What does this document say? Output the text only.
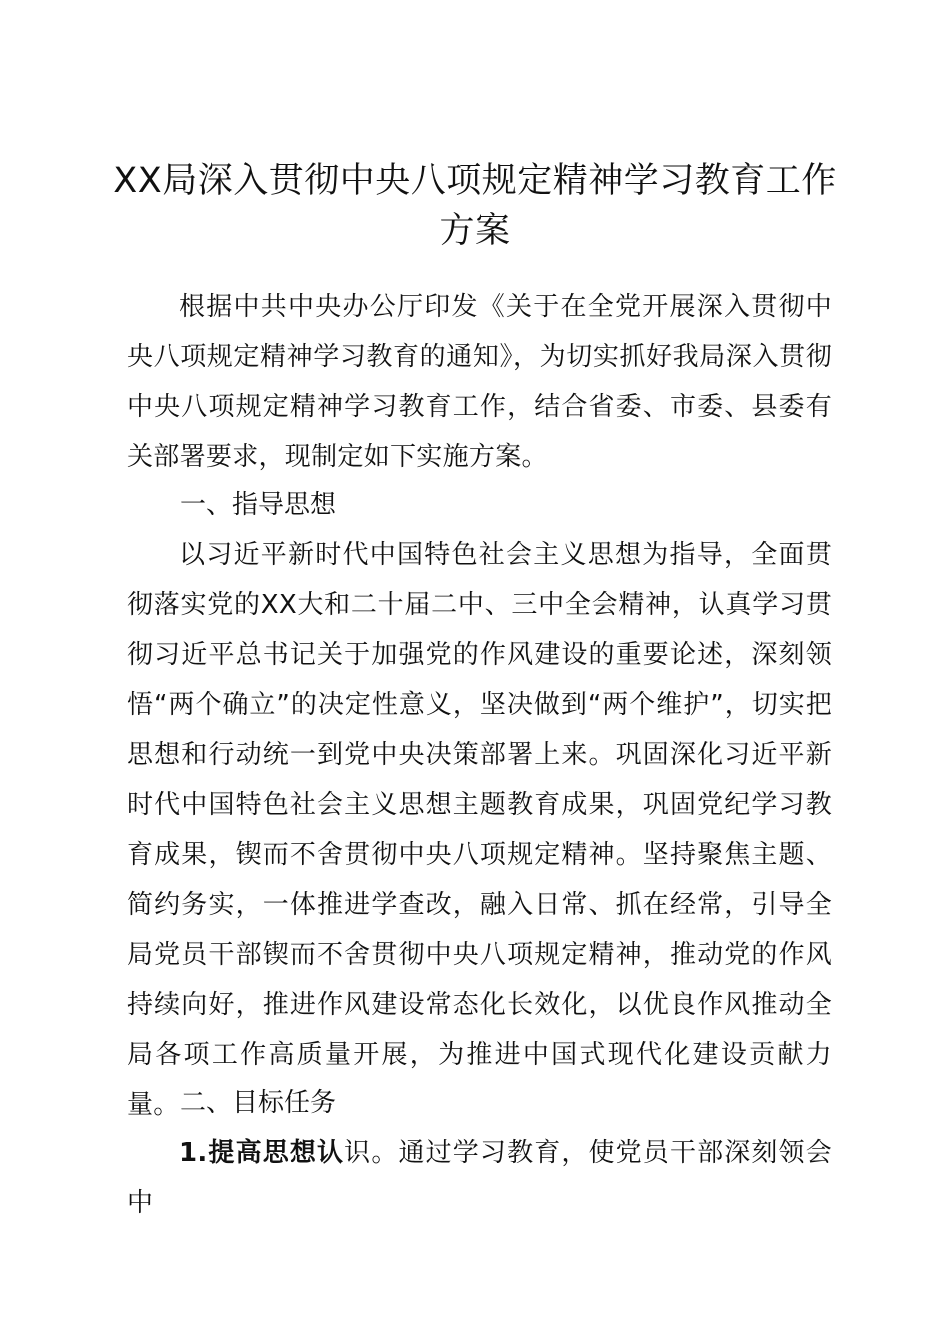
XX局深入贯彻中央八项规定精神学习教育工作方案

根据中共中央办公厅印发《关于在全党开展深入贯彻中央八项规定精神学习教育的通知》，为切实抓好我局深入贯彻中央八项规定精神学习教育工作，结合省委、市委、县委有关部署要求，现制定如下实施方案。

一、指导思想

以习近平新时代中国特色社会主义思想为指导，全面贯彻落实党的XX大和二十届二中、三中全会精神，认真学习贯彻习近平总书记关于加强党的作风建设的重要论述，深刻领悟“两个确立”的决定性意义，坚决做到“两个维护”，切实把思想和行动统一到党中央决策部署上来。巩固深化习近平新时代中国特色社会主义思想主题教育成果，巩固党纪学习教育成果，锲而不舍贯彻中央八项规定精神。坚持聚焦主题、简约务实，一体推进学查改，融入日常、抓在经常，引导全局党员干部锲而不舍贯彻中央八项规定精神，推动党的作风持续向好，推进作风建设常态化长效化，以优良作风推动全局各项工作高质量开展，为推进中国式现代化建设贡献力量。 二、目标任务

1.提高思想认识。通过学习教育，使党员干部深刻领会中
